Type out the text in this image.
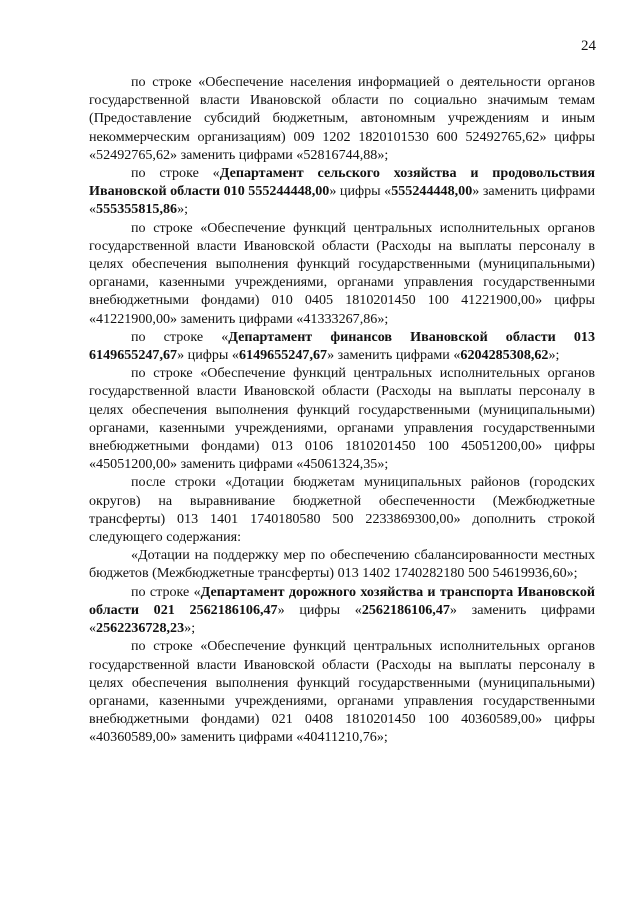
24

по строке «Обеспечение населения информацией о деятельности органов государственной власти Ивановской области по социально значимым темам (Предоставление субсидий бюджетным, автономным учреждениям и иным некоммерческим организациям) 009 1202 1820101530 600 52492765,62» цифры «52492765,62» заменить цифрами «52816744,88»;

по строке «Департамент сельского хозяйства и продовольствия Ивановской области 010 555244448,00» цифры «555244448,00» заменить цифрами «555355815,86»;

по строке «Обеспечение функций центральных исполнительных органов государственной власти Ивановской области (Расходы на выплаты персоналу в целях обеспечения выполнения функций государственными (муниципальными) органами, казенными учреждениями, органами управления государственными внебюджетными фондами) 010 0405 1810201450 100 41221900,00» цифры «41221900,00» заменить цифрами «41333267,86»;

по строке «Департамент финансов Ивановской области 013 6149655247,67» цифры «6149655247,67» заменить цифрами «6204285308,62»;

по строке «Обеспечение функций центральных исполнительных органов государственной власти Ивановской области (Расходы на выплаты персоналу в целях обеспечения выполнения функций государственными (муниципальными) органами, казенными учреждениями, органами управления государственными внебюджетными фондами) 013 0106 1810201450 100 45051200,00» цифры «45051200,00» заменить цифрами «45061324,35»;

после строки «Дотации бюджетам муниципальных районов (городских округов) на выравнивание бюджетной обеспеченности (Межбюджетные трансферты) 013 1401 1740180580 500 2233869300,00» дополнить строкой следующего содержания:

«Дотации на поддержку мер по обеспечению сбалансированности местных бюджетов (Межбюджетные трансферты) 013 1402 1740282180 500 54619936,60»;

по строке «Департамент дорожного хозяйства и транспорта Ивановской области 021 2562186106,47» цифры «2562186106,47» заменить цифрами «2562236728,23»;

по строке «Обеспечение функций центральных исполнительных органов государственной власти Ивановской области (Расходы на выплаты персоналу в целях обеспечения выполнения функций государственными (муниципальными) органами, казенными учреждениями, органами управления государственными внебюджетными фондами) 021 0408 1810201450 100 40360589,00» цифры «40360589,00» заменить цифрами «40411210,76»;
